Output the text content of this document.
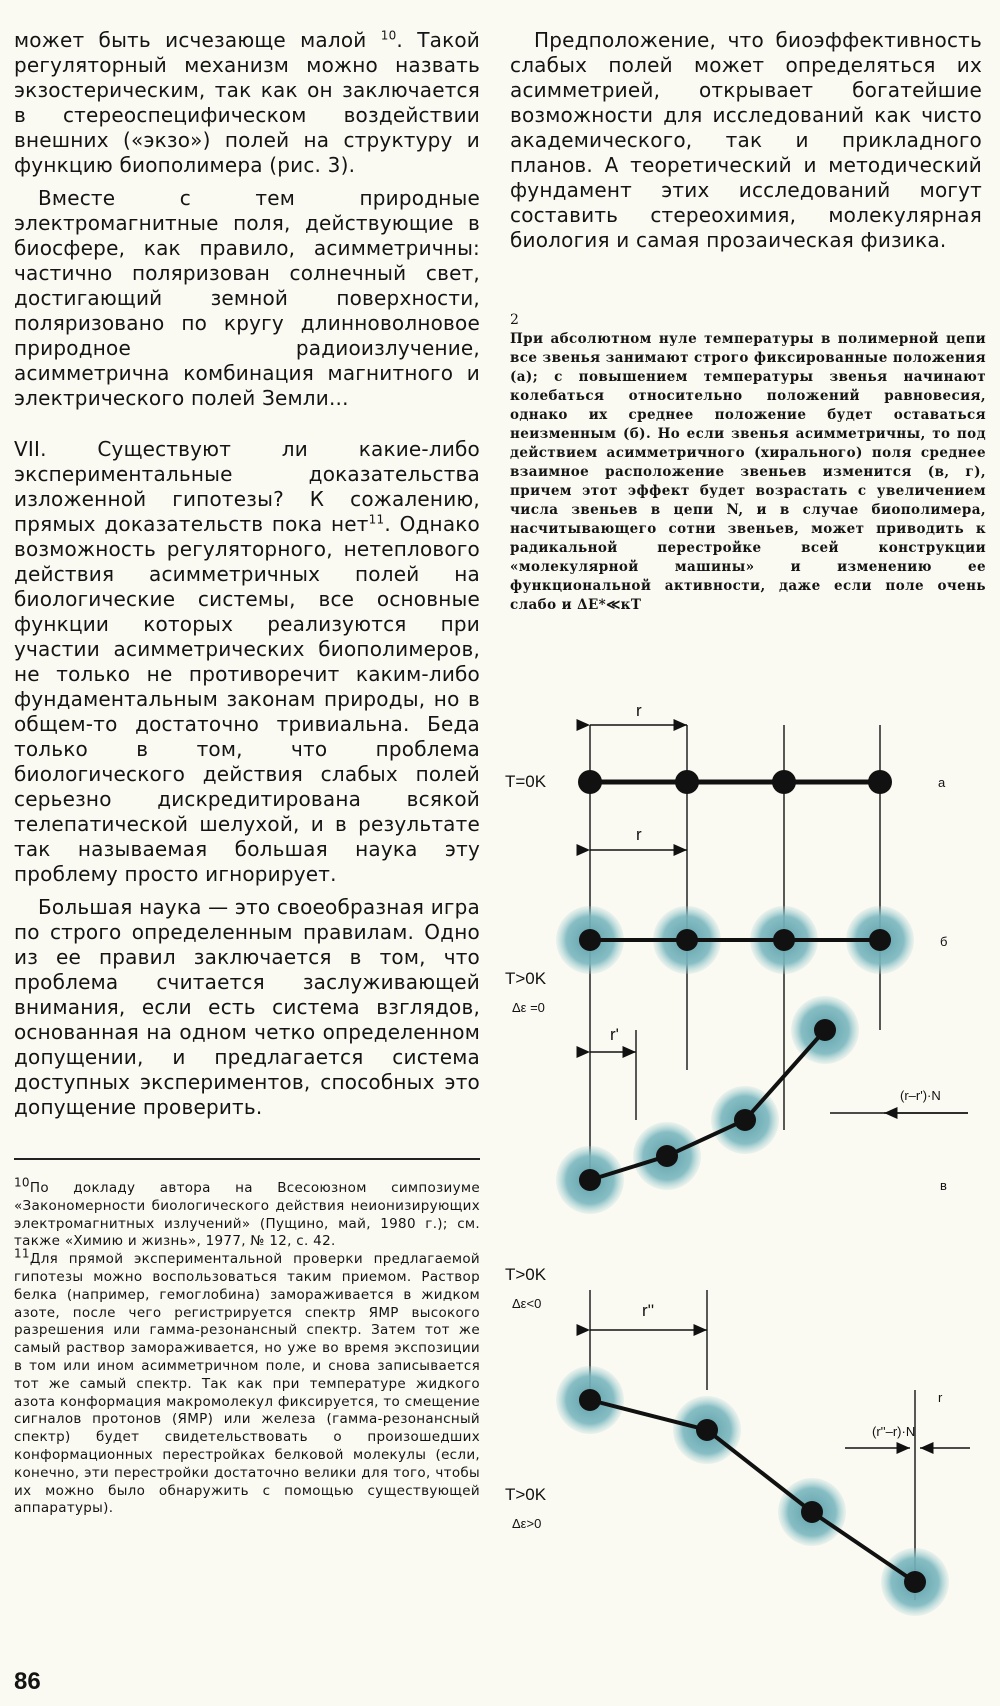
может быть исчезающе малой $^{10}$. Такой регуляторный механизм можно назвать экзостерическим, так как он заключается в стереоспецифическом воздействии внешних («экзо») полей на структуру и функцию биополимера (рис. 3).

Вместе с тем природные электромагнитные поля, действующие в биосфере, как правило, асимметричны: частично поляризован солнечный свет, достигающий земной поверхности, поляризовано по кругу длинноволновое природное радиоизлучение, асимметрична комбинация магнитного и электрического полей Земли...

VII. Существуют ли какие-либо экспериментальные доказательства изложенной гипотезы? К сожалению, прямых доказательств пока нет$^{11}$. Однако возможность регуляторного, нетеплового действия асимметричных полей на биологические системы, все основные функции которых реализуются при участии асимметрических биополимеров, не только не противоречит каким-либо фундаментальным законам природы, но в общем-то достаточно тривиальна. Беда только в том, что проблема биологического действия слабых полей серьезно дискредитирована всякой телепатической шелухой, и в результате так называемая большая наука эту проблему просто игнорирует.

Большая наука — это своеобразная игра по строго определенным правилам. Одно из ее правил заключается в том, что проблема считается заслуживающей внимания, если есть система взглядов, основанная на одном четко определенном допущении, и предлагается система доступных экспериментов, способных это допущение проверить.

$^{10}$По докладу автора на Всесоюзном симпозиуме «Закономерности биологического действия неионизирующих электромагнитных излучений» (Пущино, май, 1980 г.); см. также «Химию и жизнь», 1977, № 12, с. 42.

$^{11}$Для прямой экспериментальной проверки предлагаемой гипотезы можно воспользоваться таким приемом. Раствор белка (например, гемоглобина) замораживается в жидком азоте, после чего регистрируется спектр ЯМР высокого разрешения или гамма-резонансный спектр. Затем тот же самый раствор замораживается, но уже во время экспозиции в том или ином асимметричном поле, и снова записывается тот же самый спектр. Так как при температуре жидкого азота конформация макромолекул фиксируется, то смещение сигналов протонов (ЯМР) или железа (гамма-резонансный спектр) будет свидетельствовать о произошедших конформационных перестройках белковой молекулы (если, конечно, эти перестройки достаточно велики для того, чтобы их можно было обнаружить с помощью существующей аппаратуры).

Предположение, что биоэффективность слабых полей может определяться их асимметрией, открывает богатейшие возможности для исследований как чисто академического, так и прикладного планов. А теоретический и методический фундамент этих исследований могут составить стереохимия, молекулярная биология и самая прозаическая физика.

2

При абсолютном нуле температуры в полимерной цепи все звенья занимают строго фиксированные положения (а); с повышением температуры звенья начинают колебаться относительно положений равновесия, однако их среднее положение будет оставаться неизменным (б). Но если звенья асимметричны, то под действием асимметричного (хирального) поля среднее взаимное расположение звеньев изменится (в, г), причем этот эффект будет возрастать с увеличением числа звеньев в цепи N, и в случае биополимера, насчитывающего сотни звеньев, может приводить к радикальной перестройке всей конструкции «молекулярной машины» и изменению ее функциональной активности, даже если поле очень слабо и ΔE*≪кT

r
T=0K	a
r
б
T>0K
Δε =0
r'
(r–r')·N
в
T>0K
Δε<0	r''
r
(r''–r)·N
T>0K
Δε>0
86
